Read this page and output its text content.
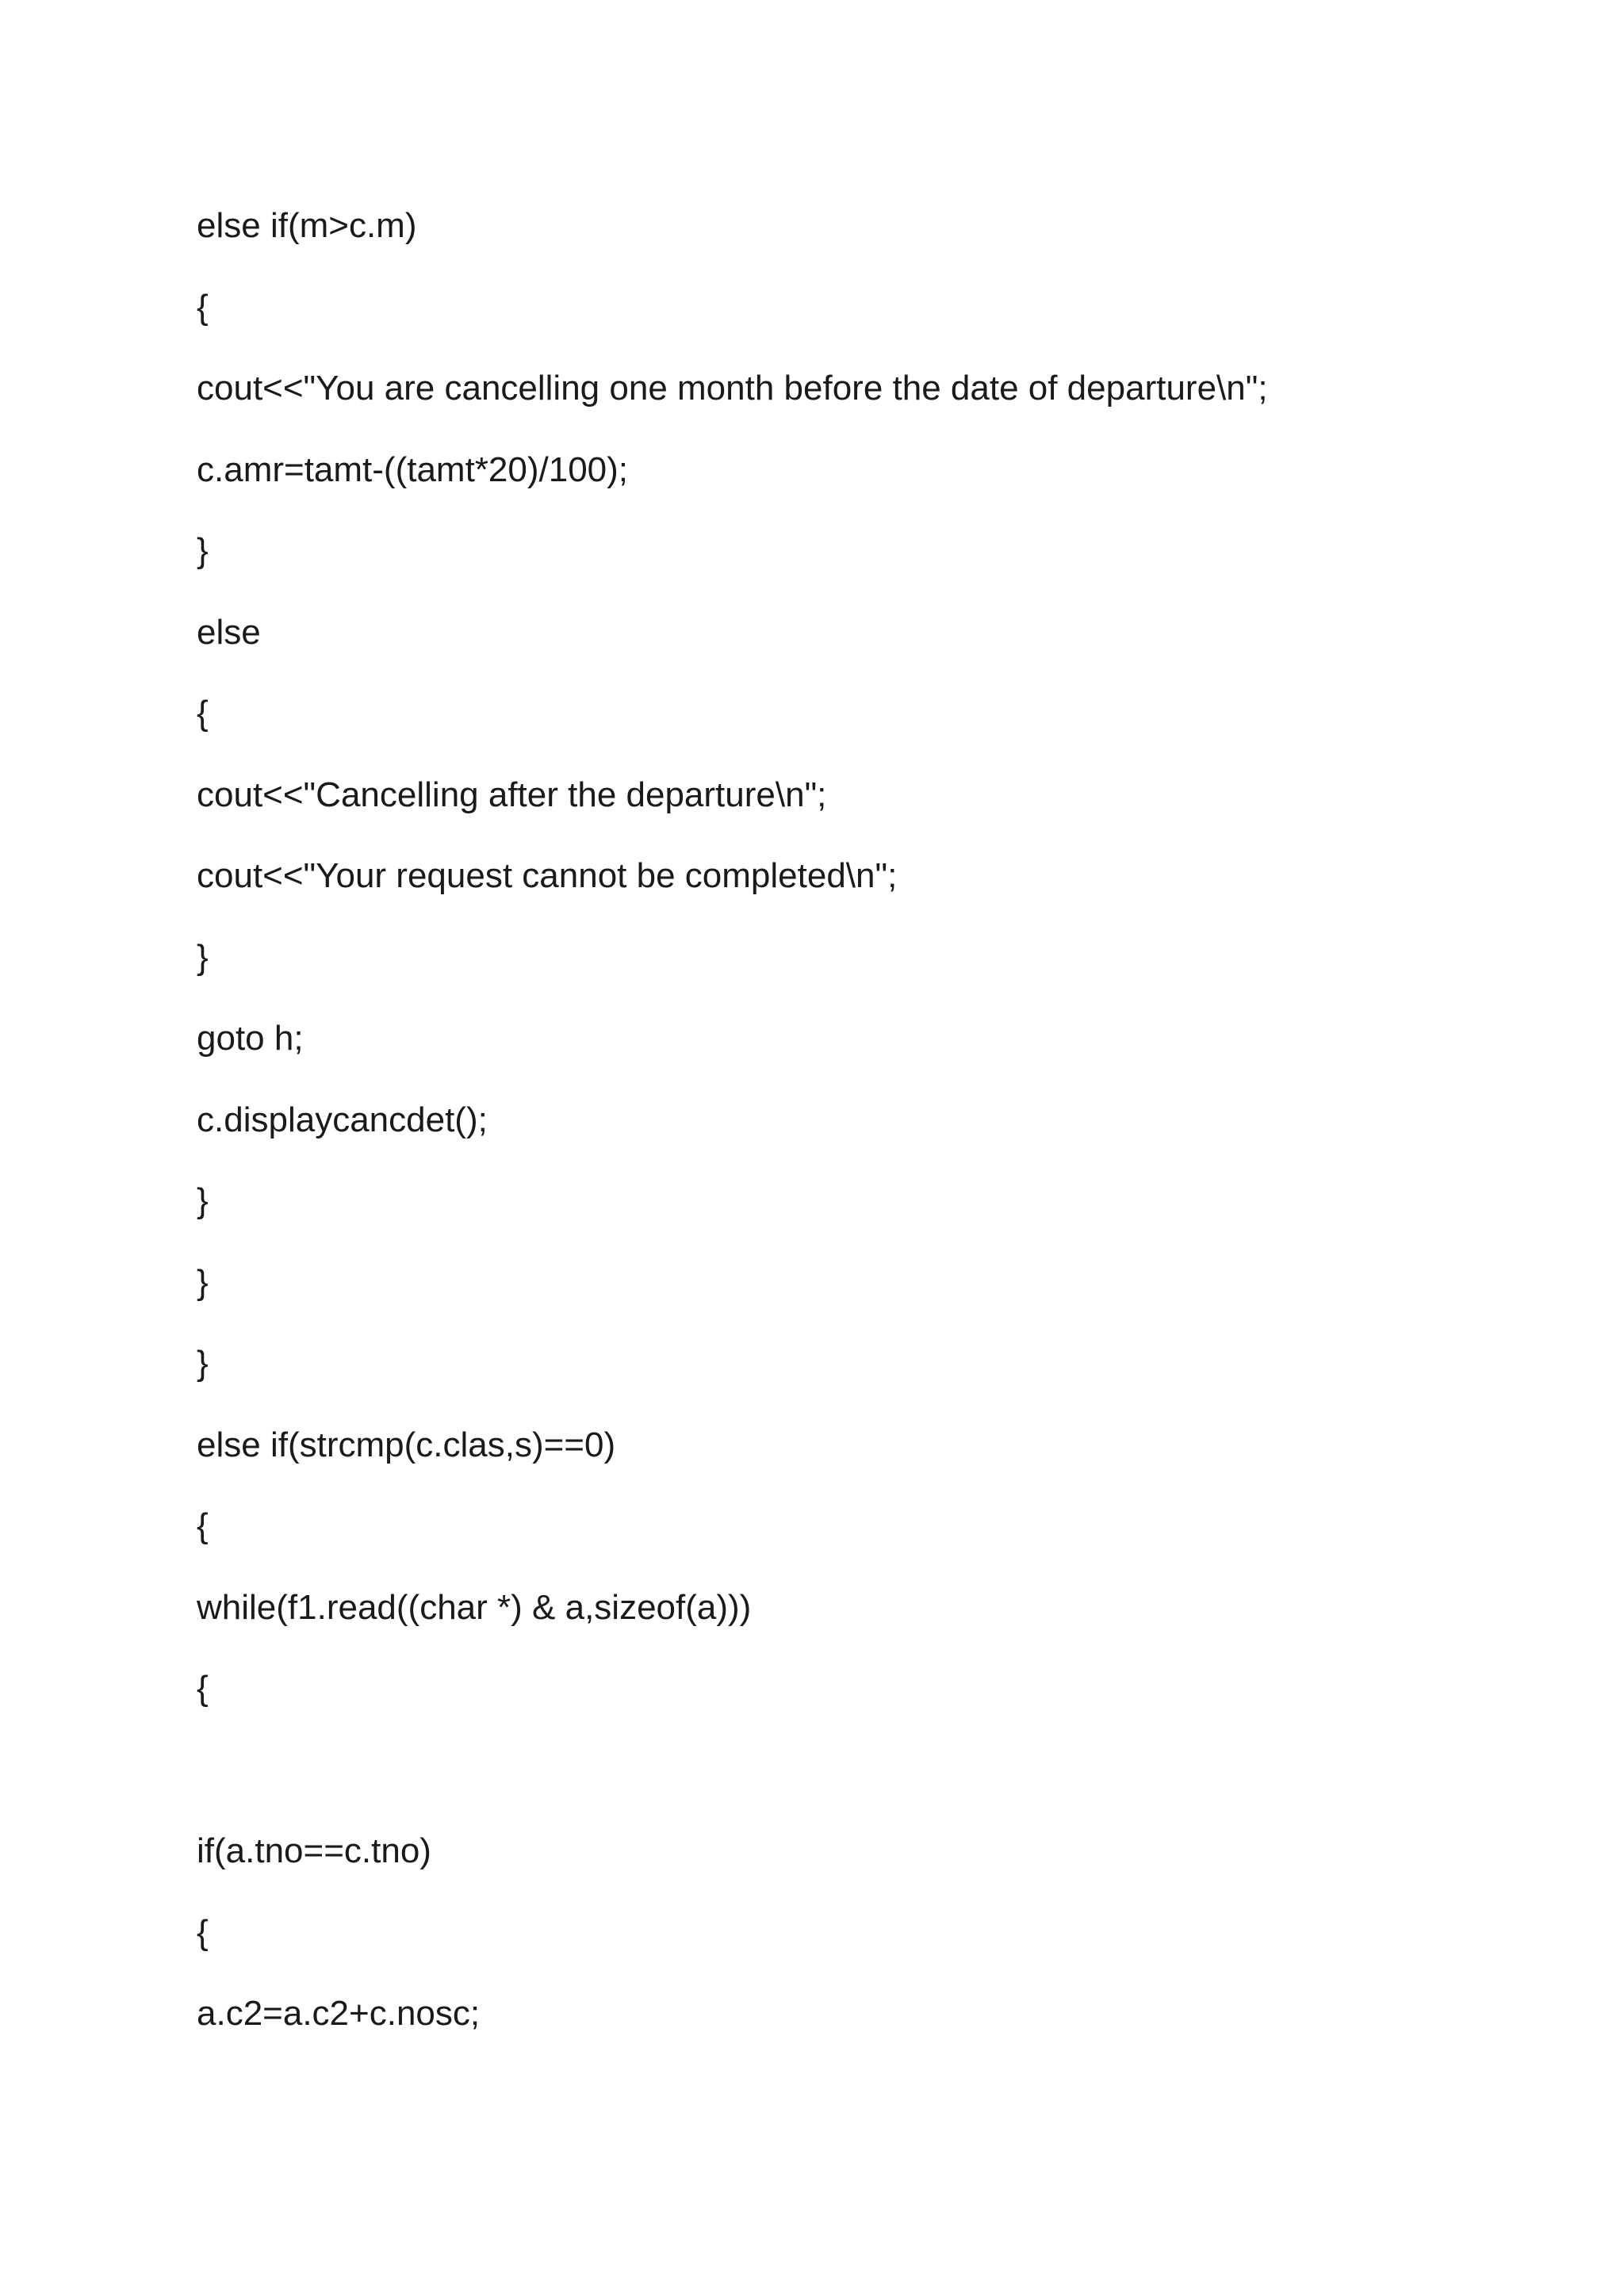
else if(m>c.m)
{
cout<<"You are cancelling one month before the date of departure\n";
c.amr=tamt-((tamt*20)/100);
}
else
{
cout<<"Cancelling after the departure\n";
cout<<"Your request cannot be completed\n";
}
goto h;
c.displaycancdet();
}
}
}
else if(strcmp(c.clas,s)==0)
{
while(f1.read((char *) & a,sizeof(a)))
{
if(a.tno==c.tno)
{
a.c2=a.c2+c.nosc;
